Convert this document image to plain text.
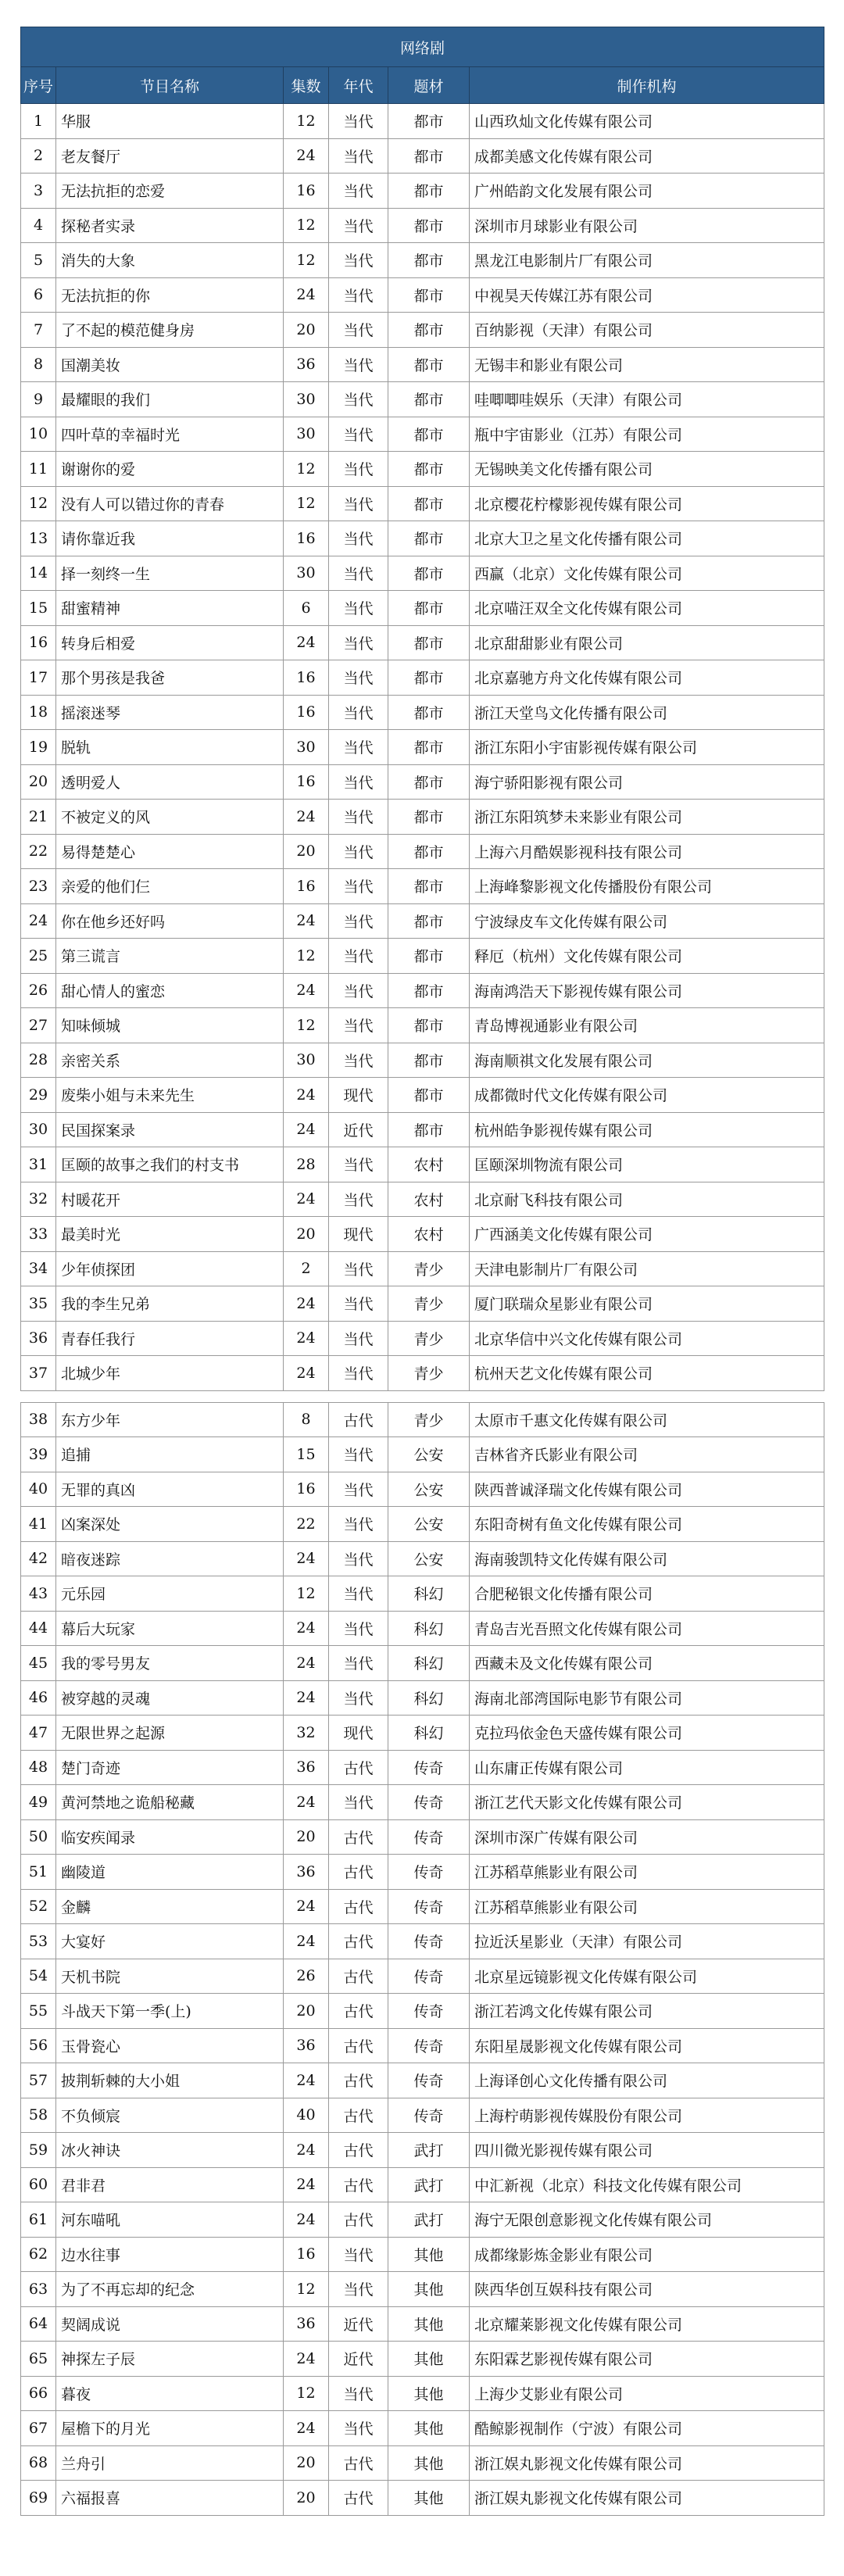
网络剧					
序号	节目名称	集数	年代	题材	制作机构
1	华服	12	当代	都市	山西玖灿文化传媒有限公司
2	老友餐厅	24	当代	都市	成都美感文化传媒有限公司
3	无法抗拒的恋爱	16	当代	都市	广州皓韵文化发展有限公司
4	探秘者实录	12	当代	都市	深圳市月球影业有限公司
5	消失的大象	12	当代	都市	黑龙江电影制片厂有限公司
6	无法抗拒的你	24	当代	都市	中视昊天传媒江苏有限公司
7	了不起的模范健身房	20	当代	都市	百纳影视（天津）有限公司
8	国潮美妆	36	当代	都市	无锡丰和影业有限公司
9	最耀眼的我们	30	当代	都市	哇唧唧哇娱乐（天津）有限公司
10	四叶草的幸福时光	30	当代	都市	瓶中宇宙影业（江苏）有限公司
11	谢谢你的爱	12	当代	都市	无锡映美文化传播有限公司
12	没有人可以错过你的青春	12	当代	都市	北京樱花柠檬影视传媒有限公司
13	请你靠近我	16	当代	都市	北京大卫之星文化传播有限公司
14	择一刻终一生	30	当代	都市	西赢（北京）文化传媒有限公司
15	甜蜜精神	6	当代	都市	北京喵汪双全文化传媒有限公司
16	转身后相爱	24	当代	都市	北京甜甜影业有限公司
17	那个男孩是我爸	16	当代	都市	北京嘉驰方舟文化传媒有限公司
18	摇滚迷琴	16	当代	都市	浙江天堂鸟文化传播有限公司
19	脱轨	30	当代	都市	浙江东阳小宇宙影视传媒有限公司
20	透明爱人	16	当代	都市	海宁骄阳影视有限公司
21	不被定义的风	24	当代	都市	浙江东阳筑梦未来影业有限公司
22	易得楚楚心	20	当代	都市	上海六月酷娱影视科技有限公司
23	亲爱的他们仨	16	当代	都市	上海峰黎影视文化传播股份有限公司
24	你在他乡还好吗	24	当代	都市	宁波绿皮车文化传媒有限公司
25	第三谎言	12	当代	都市	释厄（杭州）文化传媒有限公司
26	甜心情人的蜜恋	24	当代	都市	海南鸿浩天下影视传媒有限公司
27	知味倾城	12	当代	都市	青岛博视通影业有限公司
28	亲密关系	30	当代	都市	海南顺祺文化发展有限公司
29	废柴小姐与未来先生	24	现代	都市	成都微时代文化传媒有限公司
30	民国探案录	24	近代	都市	杭州皓争影视传媒有限公司
31	匡颐的故事之我们的村支书	28	当代	农村	匡颐深圳物流有限公司
32	村暖花开	24	当代	农村	北京耐飞科技有限公司
33	最美时光	20	现代	农村	广西涵美文化传媒有限公司
34	少年侦探团	2	当代	青少	天津电影制片厂有限公司
35	我的李生兄弟	24	当代	青少	厦门联瑞众星影业有限公司
36	青春任我行	24	当代	青少	北京华信中兴文化传媒有限公司
37	北城少年	24	当代	青少	杭州天艺文化传媒有限公司

38	东方少年	8	古代	青少	太原市千惠文化传媒有限公司
39	追捕	15	当代	公安	吉林省齐氏影业有限公司
40	无罪的真凶	16	当代	公安	陕西普诚泽瑞文化传媒有限公司
41	凶案深处	22	当代	公安	东阳奇树有鱼文化传媒有限公司
42	暗夜迷踪	24	当代	公安	海南骏凯特文化传媒有限公司
43	元乐园	12	当代	科幻	合肥秘银文化传播有限公司
44	幕后大玩家	24	当代	科幻	青岛吉光吾照文化传媒有限公司
45	我的零号男友	24	当代	科幻	西藏未及文化传媒有限公司
46	被穿越的灵魂	24	当代	科幻	海南北部湾国际电影节有限公司
47	无限世界之起源	32	现代	科幻	克拉玛依金色天盛传媒有限公司
48	楚门奇迹	36	古代	传奇	山东庸正传媒有限公司
49	黄河禁地之诡船秘藏	24	当代	传奇	浙江艺代天影文化传媒有限公司
50	临安疾闻录	20	古代	传奇	深圳市深广传媒有限公司
51	幽陵道	36	古代	传奇	江苏稻草熊影业有限公司
52	金麟	24	古代	传奇	江苏稻草熊影业有限公司
53	大宴好	24	古代	传奇	拉近沃星影业（天津）有限公司
54	天机书院	26	古代	传奇	北京星远镜影视文化传媒有限公司
55	斗战天下第一季(上)	20	古代	传奇	浙江若鸿文化传媒有限公司
56	玉骨瓷心	36	古代	传奇	东阳星晟影视文化传媒有限公司
57	披荆斩棘的大小姐	24	古代	传奇	上海译创心文化传播有限公司
58	不负倾宸	40	古代	传奇	上海柠萌影视传媒股份有限公司
59	冰火神诀	24	古代	武打	四川微光影视传媒有限公司
60	君非君	24	古代	武打	中汇新视（北京）科技文化传媒有限公司
61	河东喵吼	24	古代	武打	海宁无限创意影视文化传媒有限公司
62	边水往事	16	当代	其他	成都缘影炼金影业有限公司
63	为了不再忘却的纪念	12	当代	其他	陕西华创互娱科技有限公司
64	契阔成说	36	近代	其他	北京耀莱影视文化传媒有限公司
65	神探左子辰	24	近代	其他	东阳霖艺影视传媒有限公司
66	暮夜	12	当代	其他	上海少艾影业有限公司
67	屋檐下的月光	24	当代	其他	酷鲸影视制作（宁波）有限公司
68	兰舟引	20	古代	其他	浙江娱丸影视文化传媒有限公司
69	六福报喜	20	古代	其他	浙江娱丸影视文化传媒有限公司
